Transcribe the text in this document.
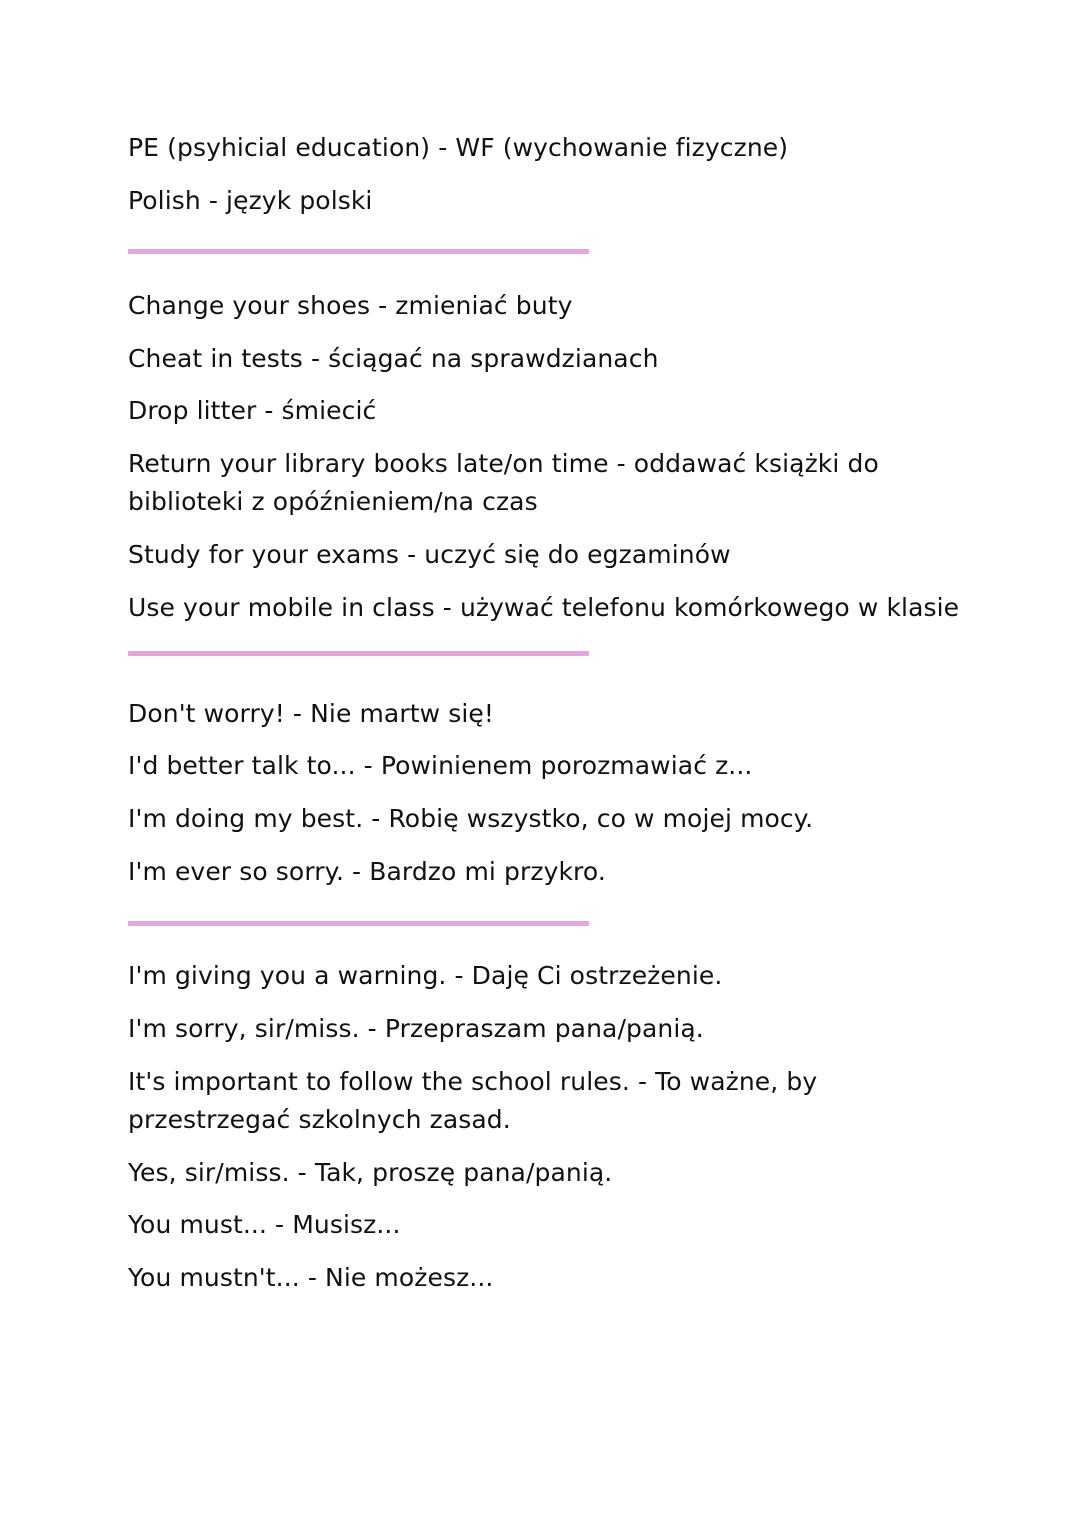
PE (psyhicial education) - WF (wychowanie fizyczne)
Polish - język polski
Change your shoes - zmieniać buty
Cheat in tests - ściągać na sprawdzianach
Drop litter - śmiecić
Return your library books late/on time - oddawać książki do biblioteki z opóźnieniem/na czas
Study for your exams - uczyć się do egzaminów
Use your mobile in class - używać telefonu komórkowego w klasie
Don't worry! - Nie martw się!
I'd better talk to... - Powinienem porozmawiać z...
I'm doing my best. - Robię wszystko, co w mojej mocy.
I'm ever so sorry. - Bardzo mi przykro.
I'm giving you a warning. - Daję Ci ostrzeżenie.
I'm sorry, sir/miss. - Przepraszam pana/panią.
It's important to follow the school rules. - To ważne, by przestrzegać szkolnych zasad.
Yes, sir/miss. - Tak, proszę pana/panią.
You must... - Musisz...
You mustn't... - Nie możesz...
